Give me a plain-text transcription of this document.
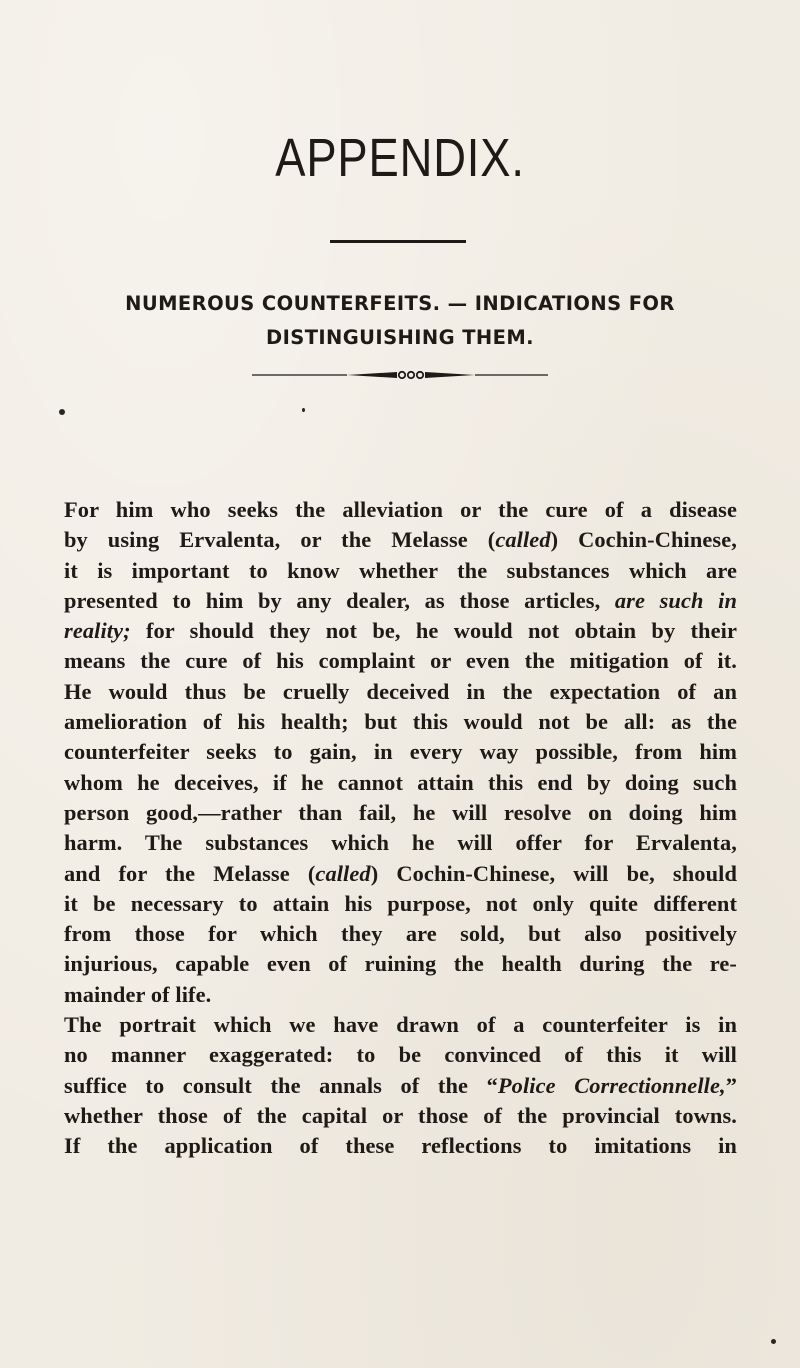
APPENDIX.
NUMEROUS COUNTERFEITS. — INDICATIONS FOR
DISTINGUISHING THEM.
For him who seeks the alleviation or the cure of a disease
by using Ervalenta, or the Melasse (called) Cochin-Chinese,
it is important to know whether the substances which are
presented to him by any dealer, as those articles, are such in
reality; for should they not be, he would not obtain by their
means the cure of his complaint or even the mitigation of it.
He would thus be cruelly deceived in the expectation of an
amelioration of his health; but this would not be all: as the
counterfeiter seeks to gain, in every way possible, from him
whom he deceives, if he cannot attain this end by doing such
person good,—rather than fail, he will resolve on doing him
harm. The substances which he will offer for Ervalenta,
and for the Melasse (called) Cochin-Chinese, will be, should
it be necessary to attain his purpose, not only quite different
from those for which they are sold, but also positively
injurious, capable even of ruining the health during the re-
mainder of life.
The portrait which we have drawn of a counterfeiter is in
no manner exaggerated: to be convinced of this it will
suffice to consult the annals of the “Police Correctionnelle,”
whether those of the capital or those of the provincial towns.
If the application of these reflections to imitations in
